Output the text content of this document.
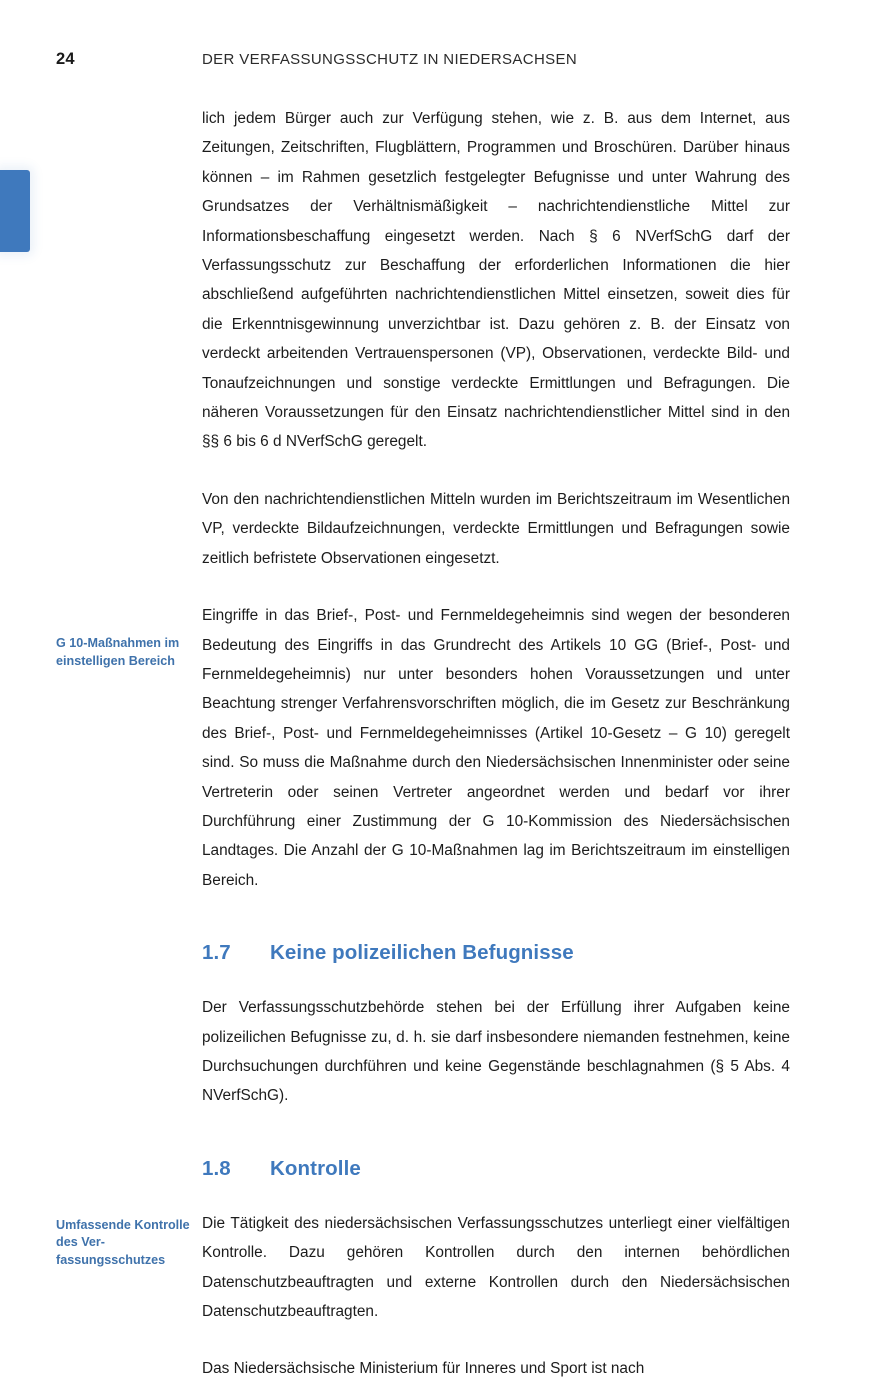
24	DER VERFASSUNGSSCHUTZ IN NIEDERSACHSEN

lich jedem Bürger auch zur Verfügung stehen, wie z. B. aus dem Internet, aus Zeitungen, Zeitschriften, Flugblättern, Programmen und Broschüren. Darüber hinaus können – im Rahmen gesetzlich festgelegter Befugnisse und unter Wahrung des Grundsatzes der Verhältnismäßigkeit – nachrichtendienstliche Mittel zur Informationsbeschaffung eingesetzt werden. Nach § 6 NVerfSchG darf der Verfassungsschutz zur Beschaffung der erforderlichen Informationen die hier abschließend aufgeführten nachrichtendienstlichen Mittel einsetzen, soweit dies für die Erkenntnisgewinnung unverzichtbar ist. Dazu gehören z. B. der Einsatz von verdeckt arbeitenden Vertrauenspersonen (VP), Observationen, verdeckte Bild- und Tonaufzeichnungen und sonstige verdeckte Ermittlungen und Befragungen. Die näheren Voraussetzungen für den Einsatz nachrichtendienstlicher Mittel sind in den §§ 6 bis 6 d NVerfSchG geregelt.

Von den nachrichtendienstlichen Mitteln wurden im Berichtszeitraum im Wesentlichen VP, verdeckte Bildaufzeichnungen, verdeckte Ermittlungen und Befragungen sowie zeitlich befristete Observationen eingesetzt.

G 10-Maßnahmen im einstelligen Bereich

Eingriffe in das Brief-, Post- und Fernmeldegeheimnis sind wegen der besonderen Bedeutung des Eingriffs in das Grundrecht des Artikels 10 GG (Brief-, Post- und Fernmeldegeheimnis) nur unter besonders hohen Voraussetzungen und unter Beachtung strenger Verfahrensvorschriften möglich, die im Gesetz zur Beschränkung des Brief-, Post- und Fernmeldegeheimnisses (Artikel 10-Gesetz – G 10) geregelt sind. So muss die Maßnahme durch den Niedersächsischen Innenminister oder seine Vertreterin oder seinen Vertreter angeordnet werden und bedarf vor ihrer Durchführung einer Zustimmung der G 10-Kommission des Niedersächsischen Landtages. Die Anzahl der G 10-Maßnahmen lag im Berichtszeitraum im einstelligen Bereich.

1.7	Keine polizeilichen Befugnisse

Der Verfassungsschutzbehörde stehen bei der Erfüllung ihrer Aufgaben keine polizeilichen Befugnisse zu, d. h. sie darf insbesondere niemanden festnehmen, keine Durchsuchungen durchführen und keine Gegenstände beschlagnahmen (§ 5 Abs. 4 NVerfSchG).

Umfassende Kontrolle des Ver-fassungsschutzes
1.8	Kontrolle

Die Tätigkeit des niedersächsischen Verfassungsschutzes unterliegt einer vielfältigen Kontrolle. Dazu gehören Kontrollen durch den internen behördlichen Datenschutzbeauftragten und externe Kontrollen durch den Niedersächsischen Datenschutzbeauftragten.

Das Niedersächsische Ministerium für Inneres und Sport ist nach
